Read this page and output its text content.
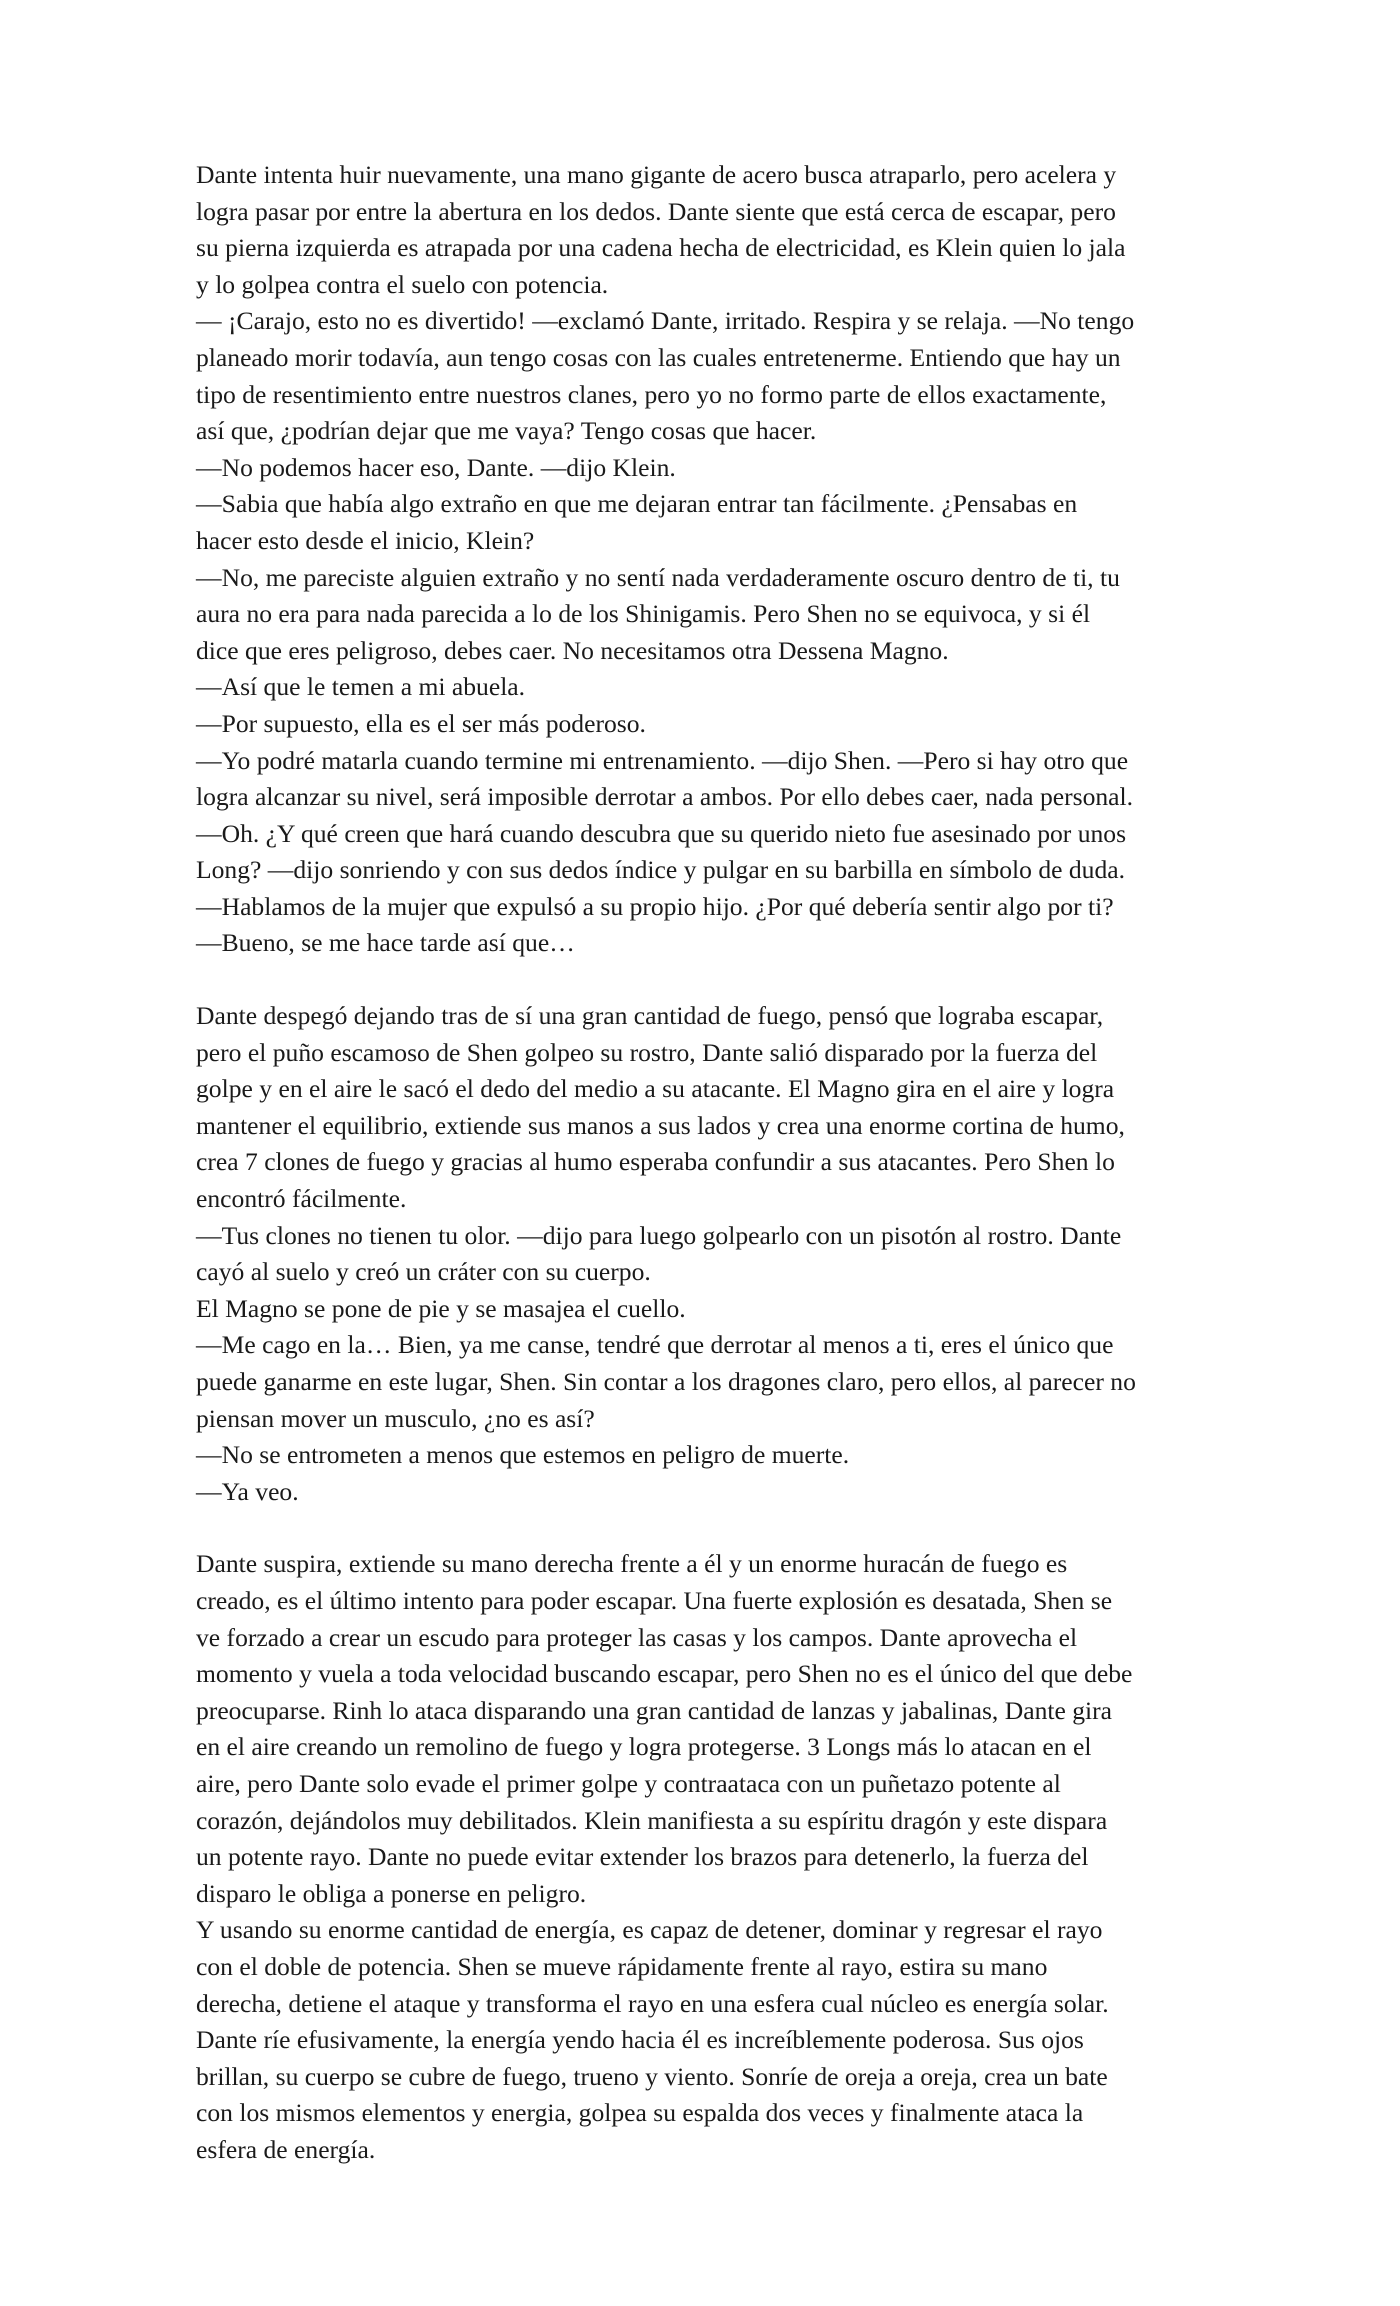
Dante intenta huir nuevamente, una mano gigante de acero busca atraparlo, pero acelera y
logra pasar por entre la abertura en los dedos. Dante siente que está cerca de escapar, pero
su pierna izquierda es atrapada por una cadena hecha de electricidad, es Klein quien lo jala
y lo golpea contra el suelo con potencia.

— ¡Carajo, esto no es divertido! —exclamó Dante, irritado. Respira y se relaja. —No tengo
planeado morir todavía, aun tengo cosas con las cuales entretenerme. Entiendo que hay un
tipo de resentimiento entre nuestros clanes, pero yo no formo parte de ellos exactamente,
así que, ¿podrían dejar que me vaya? Tengo cosas que hacer.

—No podemos hacer eso, Dante. —dijo Klein.

—Sabia que había algo extraño en que me dejaran entrar tan fácilmente. ¿Pensabas en
hacer esto desde el inicio, Klein?

—No, me pareciste alguien extraño y no sentí nada verdaderamente oscuro dentro de ti, tu
aura no era para nada parecida a lo de los Shinigamis. Pero Shen no se equivoca, y si él
dice que eres peligroso, debes caer. No necesitamos otra Dessena Magno.

—Así que le temen a mi abuela.

—Por supuesto, ella es el ser más poderoso.

—Yo podré matarla cuando termine mi entrenamiento. —dijo Shen. —Pero si hay otro que
logra alcanzar su nivel, será imposible derrotar a ambos. Por ello debes caer, nada personal.

—Oh. ¿Y qué creen que hará cuando descubra que su querido nieto fue asesinado por unos
Long? —dijo sonriendo y con sus dedos índice y pulgar en su barbilla en símbolo de duda.

—Hablamos de la mujer que expulsó a su propio hijo. ¿Por qué debería sentir algo por ti?

—Bueno, se me hace tarde así que…

Dante despegó dejando tras de sí una gran cantidad de fuego, pensó que lograba escapar,
pero el puño escamoso de Shen golpeo su rostro, Dante salió disparado por la fuerza del
golpe y en el aire le sacó el dedo del medio a su atacante. El Magno gira en el aire y logra
mantener el equilibrio, extiende sus manos a sus lados y crea una enorme cortina de humo,
crea 7 clones de fuego y gracias al humo esperaba confundir a sus atacantes. Pero Shen lo
encontró fácilmente.

—Tus clones no tienen tu olor. —dijo para luego golpearlo con un pisotón al rostro. Dante
cayó al suelo y creó un cráter con su cuerpo.

El Magno se pone de pie y se masajea el cuello.

—Me cago en la… Bien, ya me canse, tendré que derrotar al menos a ti, eres el único que
puede ganarme en este lugar, Shen. Sin contar a los dragones claro, pero ellos, al parecer no
piensan mover un musculo, ¿no es así?

—No se entrometen a menos que estemos en peligro de muerte.

—Ya veo.

Dante suspira, extiende su mano derecha frente a él y un enorme huracán de fuego es
creado, es el último intento para poder escapar. Una fuerte explosión es desatada, Shen se
ve forzado a crear un escudo para proteger las casas y los campos. Dante aprovecha el
momento y vuela a toda velocidad buscando escapar, pero Shen no es el único del que debe
preocuparse. Rinh lo ataca disparando una gran cantidad de lanzas y jabalinas, Dante gira
en el aire creando un remolino de fuego y logra protegerse. 3 Longs más lo atacan en el
aire, pero Dante solo evade el primer golpe y contraataca con un puñetazo potente al
corazón, dejándolos muy debilitados. Klein manifiesta a su espíritu dragón y este dispara
un potente rayo. Dante no puede evitar extender los brazos para detenerlo, la fuerza del
disparo le obliga a ponerse en peligro.

Y usando su enorme cantidad de energía, es capaz de detener, dominar y regresar el rayo
con el doble de potencia. Shen se mueve rápidamente frente al rayo, estira su mano
derecha, detiene el ataque y transforma el rayo en una esfera cual núcleo es energía solar.
Dante ríe efusivamente, la energía yendo hacia él es increíblemente poderosa. Sus ojos
brillan, su cuerpo se cubre de fuego, trueno y viento. Sonríe de oreja a oreja, crea un bate
con los mismos elementos y energia, golpea su espalda dos veces y finalmente ataca la
esfera de energía.
